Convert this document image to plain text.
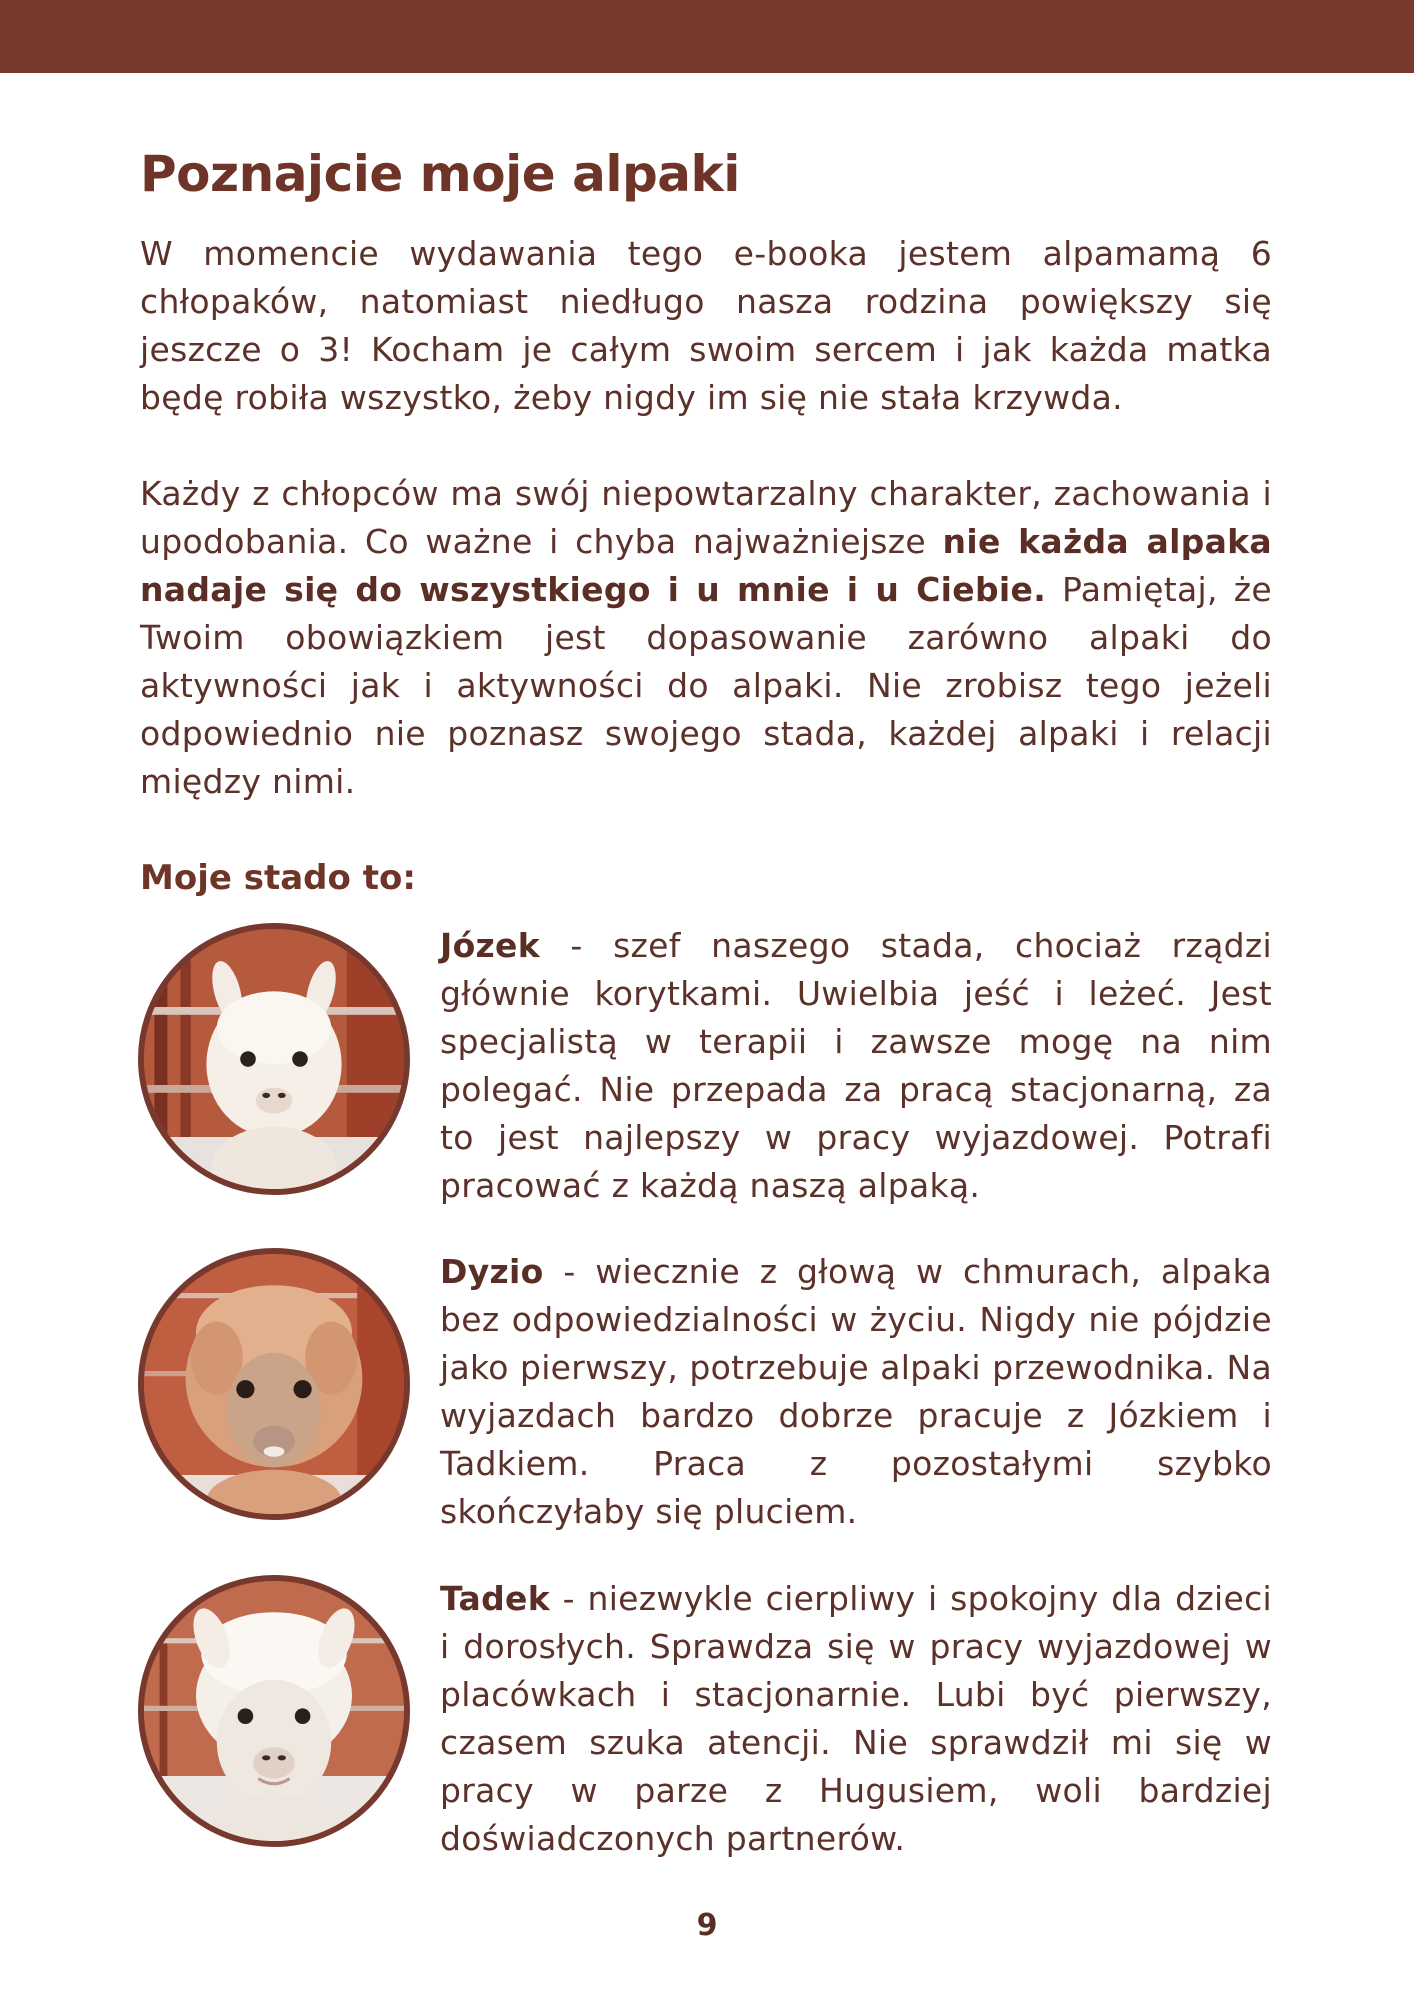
Poznajcie moje alpaki

W momencie wydawania tego e-booka jestem alpamamą 6 chłopaków, natomiast niedługo nasza rodzina powiększy się jeszcze o 3! Kocham je całym swoim sercem i jak każda matka będę robiła wszystko, żeby nigdy im się nie stała krzywda.

Każdy z chłopców ma swój niepowtarzalny charakter, zachowania i upodobania. Co ważne i chyba najważniejsze nie każda alpaka nadaje się do wszystkiego i u mnie i u Ciebie. Pamiętaj, że Twoim obowiązkiem jest dopasowanie zarówno alpaki do aktywności jak i aktywności do alpaki. Nie zrobisz tego jeżeli odpowiednio nie poznasz swojego stada, każdej alpaki i relacji między nimi.

Moje stado to:

Józek - szef naszego stada, chociaż rządzi głównie korytkami. Uwielbia jeść i leżeć. Jest specjalistą w terapii i zawsze mogę na nim polegać. Nie przepada za pracą stacjonarną, za to jest najlepszy w pracy wyjazdowej. Potrafi pracować z każdą naszą alpaką.

Dyzio - wiecznie z głową w chmurach, alpaka bez odpowiedzialności w życiu. Nigdy nie pójdzie jako pierwszy, potrzebuje alpaki przewodnika. Na wyjazdach bardzo dobrze pracuje z Józkiem i Tadkiem. Praca z pozostałymi szybko skończyłaby się pluciem.

Tadek - niezwykle cierpliwy i spokojny dla dzieci i dorosłych. Sprawdza się w pracy wyjazdowej w placówkach i stacjonarnie. Lubi być pierwszy, czasem szuka atencji. Nie sprawdził mi się w pracy w parze z Hugusiem, woli bardziej doświadczonych partnerów.

9
